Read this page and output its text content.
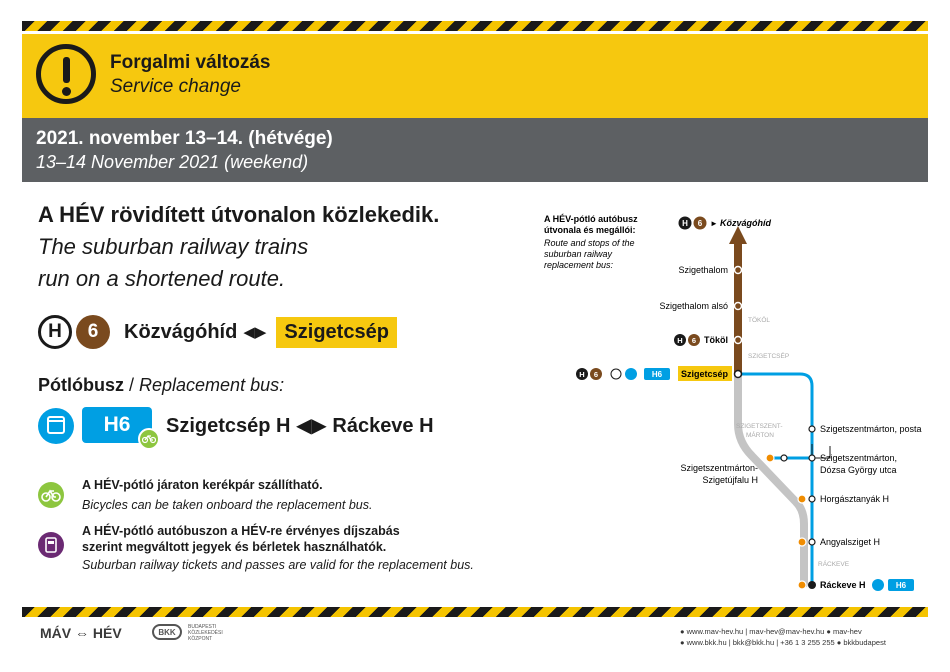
Forgalmi változás
Service change
2021. november 13–14. (hétvége)
13–14 November 2021 (weekend)
A HÉV rövidített útvonalon közlekedik.
The suburban railway trains
run on a shortened route.
H	6	Közvágóhíd ◀▶ Szigetcsép
Pótlóbusz / Replacement bus:
H6	Szigetcsép H ◀▶ Ráckeve H
A HÉV-pótló járaton kerékpár szállítható.
Bicycles can be taken onboard the replacement bus.
A HÉV-pótló autóbuszon a HÉV-re érvényes díjszabás
szerint megváltott jegyek és bérletek használhatók.
Suburban railway tickets and passes are valid for the replacement bus.
A HÉV-pótló autóbusz
útvonala és megállói:
Route and stops of the
suburban railway
replacement bus:
TÖKÖL
SZIGETCSÉP
SZIGETSZENT-
MÁRTON
RÁCKEVE
H 6 ► Közvágóhíd
Szigethalom
Szigethalom alsó
H 6 Tököl
H 6	H6 Szigetcsép
Szigetszentmárton, posta
Szigetszentmárton,
Dózsa György utca
Szigetszentmárton-
Szigetújfalu H
Horgásztanyák H
Angyalsziget H
Ráckeve H	H6
MÁV ⇔ HÉV	BKK
BUDAPESTI KÖZLEKEDÉSI KÖZPONT
● www.mav-hev.hu | mav-hev@mav-hev.hu ● mav-hev
● www.bkk.hu | bkk@bkk.hu | +36 1 3 255 255 ● bkkbudapest
